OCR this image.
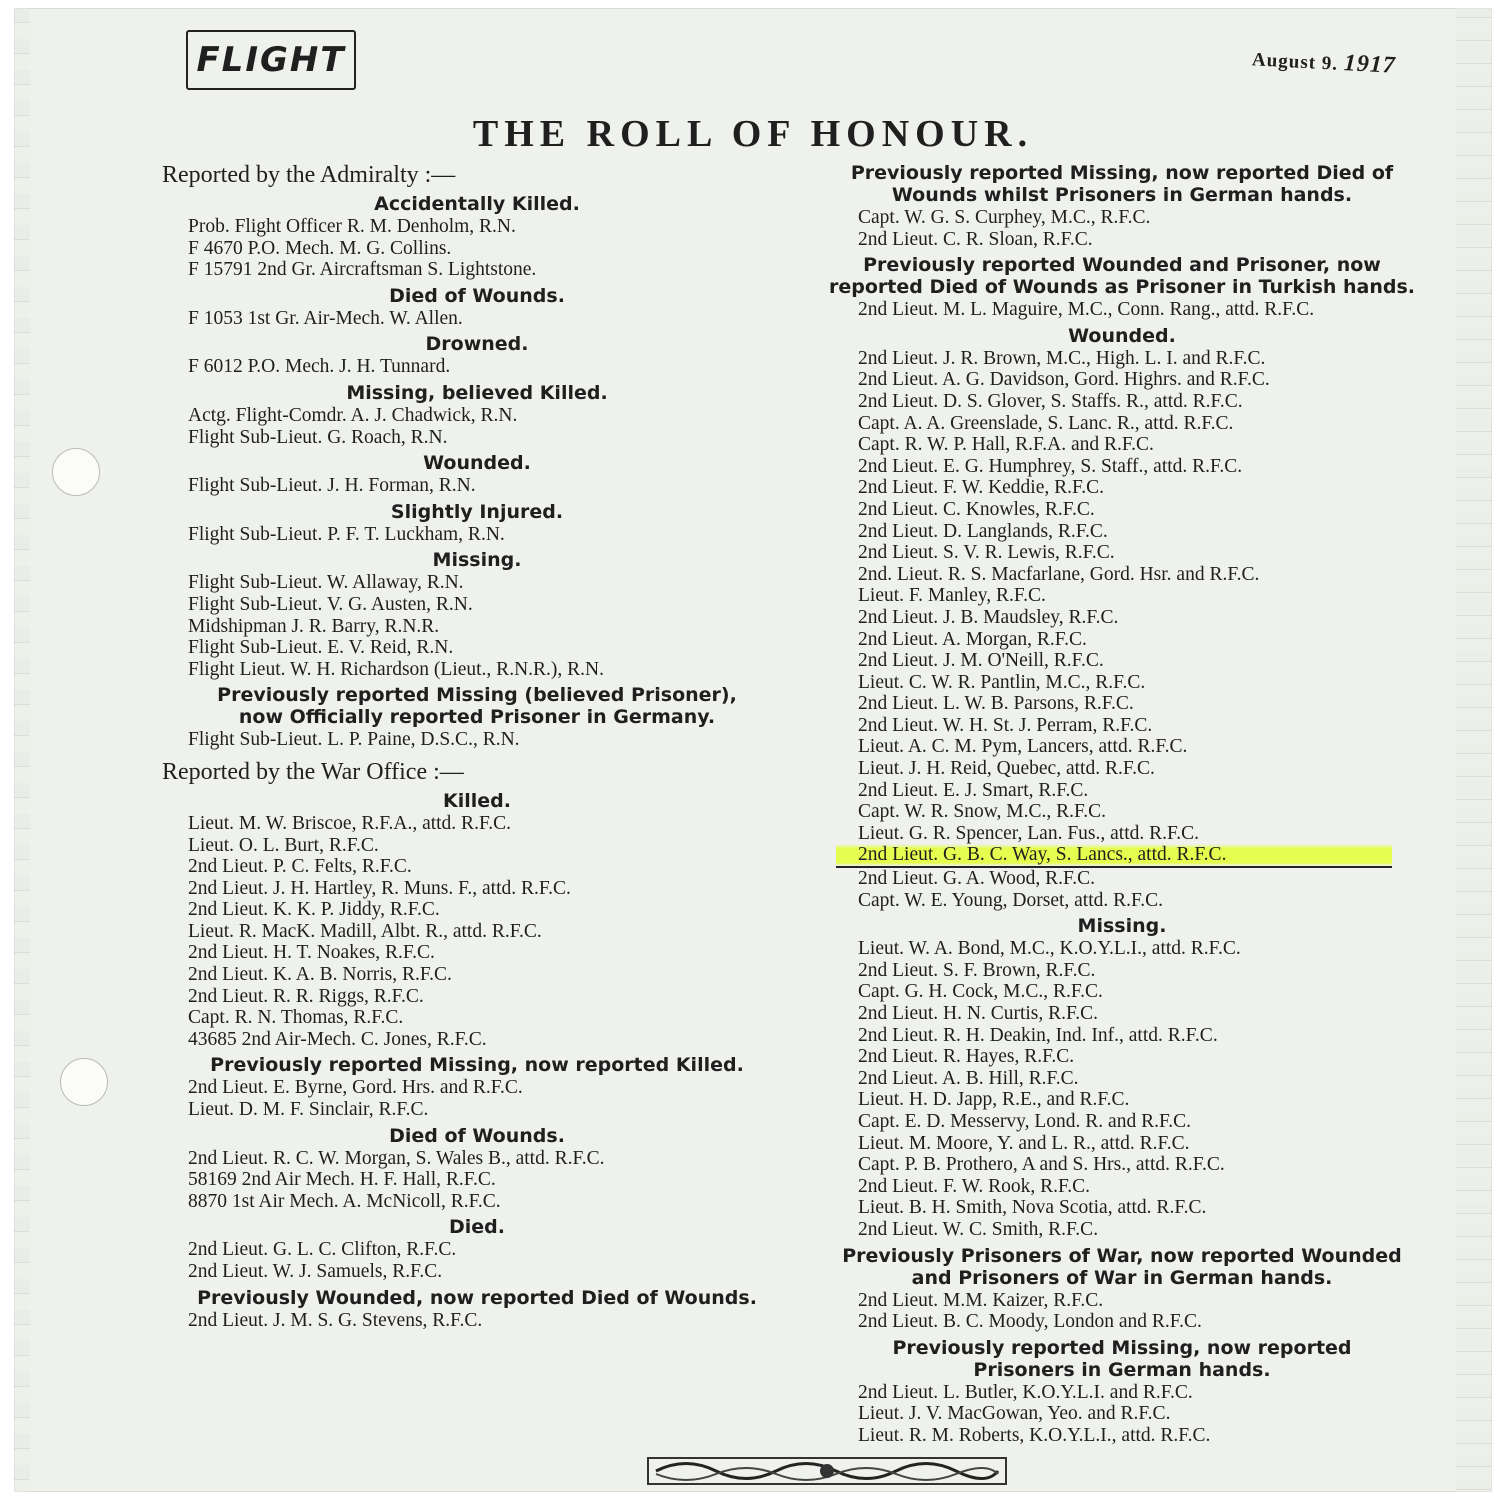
FLIGHT	August 9. 1917
THE ROLL OF HONOUR.
Reported by the Admiralty :—
Accidentally Killed.
Prob. Flight Officer R. M. Denholm, R.N.
F 4670 P.O. Mech. M. G. Collins.
F 15791 2nd Gr. Aircraftsman S. Lightstone.
Died of Wounds.
F 1053 1st Gr. Air-Mech. W. Allen.
Drowned.
F 6012 P.O. Mech. J. H. Tunnard.
Missing, believed Killed.
Actg. Flight-Comdr. A. J. Chadwick, R.N.
Flight Sub-Lieut. G. Roach, R.N.
Wounded.
Flight Sub-Lieut. J. H. Forman, R.N.
Slightly Injured.
Flight Sub-Lieut. P. F. T. Luckham, R.N.
Missing.
Flight Sub-Lieut. W. Allaway, R.N.
Flight Sub-Lieut. V. G. Austen, R.N.
Midshipman J. R. Barry, R.N.R.
Flight Sub-Lieut. E. V. Reid, R.N.
Flight Lieut. W. H. Richardson (Lieut., R.N.R.), R.N.
Previously reported Missing (believed Prisoner),
now Officially reported Prisoner in Germany.
Flight Sub-Lieut. L. P. Paine, D.S.C., R.N.
Reported by the War Office :—
Killed.
Lieut. M. W. Briscoe, R.F.A., attd. R.F.C.
Lieut. O. L. Burt, R.F.C.
2nd Lieut. P. C. Felts, R.F.C.
2nd Lieut. J. H. Hartley, R. Muns. F., attd. R.F.C.
2nd Lieut. K. K. P. Jiddy, R.F.C.
Lieut. R. MacK. Madill, Albt. R., attd. R.F.C.
2nd Lieut. H. T. Noakes, R.F.C.
2nd Lieut. K. A. B. Norris, R.F.C.
2nd Lieut. R. R. Riggs, R.F.C.
Capt. R. N. Thomas, R.F.C.
43685 2nd Air-Mech. C. Jones, R.F.C.
Previously reported Missing, now reported Killed.
2nd Lieut. E. Byrne, Gord. Hrs. and R.F.C.
Lieut. D. M. F. Sinclair, R.F.C.
Died of Wounds.
2nd Lieut. R. C. W. Morgan, S. Wales B., attd. R.F.C.
58169 2nd Air Mech. H. F. Hall, R.F.C.
8870 1st Air Mech. A. McNicoll, R.F.C.
Died.
2nd Lieut. G. L. C. Clifton, R.F.C.
2nd Lieut. W. J. Samuels, R.F.C.
Previously Wounded, now reported Died of Wounds.
2nd Lieut. J. M. S. G. Stevens, R.F.C.
Previously reported Missing, now reported Died of
Wounds whilst Prisoners in German hands.
Capt. W. G. S. Curphey, M.C., R.F.C.
2nd Lieut. C. R. Sloan, R.F.C.
Previously reported Wounded and Prisoner, now
reported Died of Wounds as Prisoner in Turkish hands.
2nd Lieut. M. L. Maguire, M.C., Conn. Rang., attd. R.F.C.
Wounded.
2nd Lieut. J. R. Brown, M.C., High. L. I. and R.F.C.
2nd Lieut. A. G. Davidson, Gord. Highrs. and R.F.C.
2nd Lieut. D. S. Glover, S. Staffs. R., attd. R.F.C.
Capt. A. A. Greenslade, S. Lanc. R., attd. R.F.C.
Capt. R. W. P. Hall, R.F.A. and R.F.C.
2nd Lieut. E. G. Humphrey, S. Staff., attd. R.F.C.
2nd Lieut. F. W. Keddie, R.F.C.
2nd Lieut. C. Knowles, R.F.C.
2nd Lieut. D. Langlands, R.F.C.
2nd Lieut. S. V. R. Lewis, R.F.C.
2nd. Lieut. R. S. Macfarlane, Gord. Hsr. and R.F.C.
Lieut. F. Manley, R.F.C.
2nd Lieut. J. B. Maudsley, R.F.C.
2nd Lieut. A. Morgan, R.F.C.
2nd Lieut. J. M. O'Neill, R.F.C.
Lieut. C. W. R. Pantlin, M.C., R.F.C.
2nd Lieut. L. W. B. Parsons, R.F.C.
2nd Lieut. W. H. St. J. Perram, R.F.C.
Lieut. A. C. M. Pym, Lancers, attd. R.F.C.
Lieut. J. H. Reid, Quebec, attd. R.F.C.
2nd Lieut. E. J. Smart, R.F.C.
Capt. W. R. Snow, M.C., R.F.C.
Lieut. G. R. Spencer, Lan. Fus., attd. R.F.C.
2nd Lieut. G. B. C. Way, S. Lancs., attd. R.F.C.
2nd Lieut. G. A. Wood, R.F.C.
Capt. W. E. Young, Dorset, attd. R.F.C.
Missing.
Lieut. W. A. Bond, M.C., K.O.Y.L.I., attd. R.F.C.
2nd Lieut. S. F. Brown, R.F.C.
Capt. G. H. Cock, M.C., R.F.C.
2nd Lieut. H. N. Curtis, R.F.C.
2nd Lieut. R. H. Deakin, Ind. Inf., attd. R.F.C.
2nd Lieut. R. Hayes, R.F.C.
2nd Lieut. A. B. Hill, R.F.C.
Lieut. H. D. Japp, R.E., and R.F.C.
Capt. E. D. Messervy, Lond. R. and R.F.C.
Lieut. M. Moore, Y. and L. R., attd. R.F.C.
Capt. P. B. Prothero, A and S. Hrs., attd. R.F.C.
2nd Lieut. F. W. Rook, R.F.C.
Lieut. B. H. Smith, Nova Scotia, attd. R.F.C.
2nd Lieut. W. C. Smith, R.F.C.
Previously Prisoners of War, now reported Wounded
and Prisoners of War in German hands.
2nd Lieut. M.M. Kaizer, R.F.C.
2nd Lieut. B. C. Moody, London and R.F.C.
Previously reported Missing, now reported
Prisoners in German hands.
2nd Lieut. L. Butler, K.O.Y.L.I. and R.F.C.
Lieut. J. V. MacGowan, Yeo. and R.F.C.
Lieut. R. M. Roberts, K.O.Y.L.I., attd. R.F.C.
